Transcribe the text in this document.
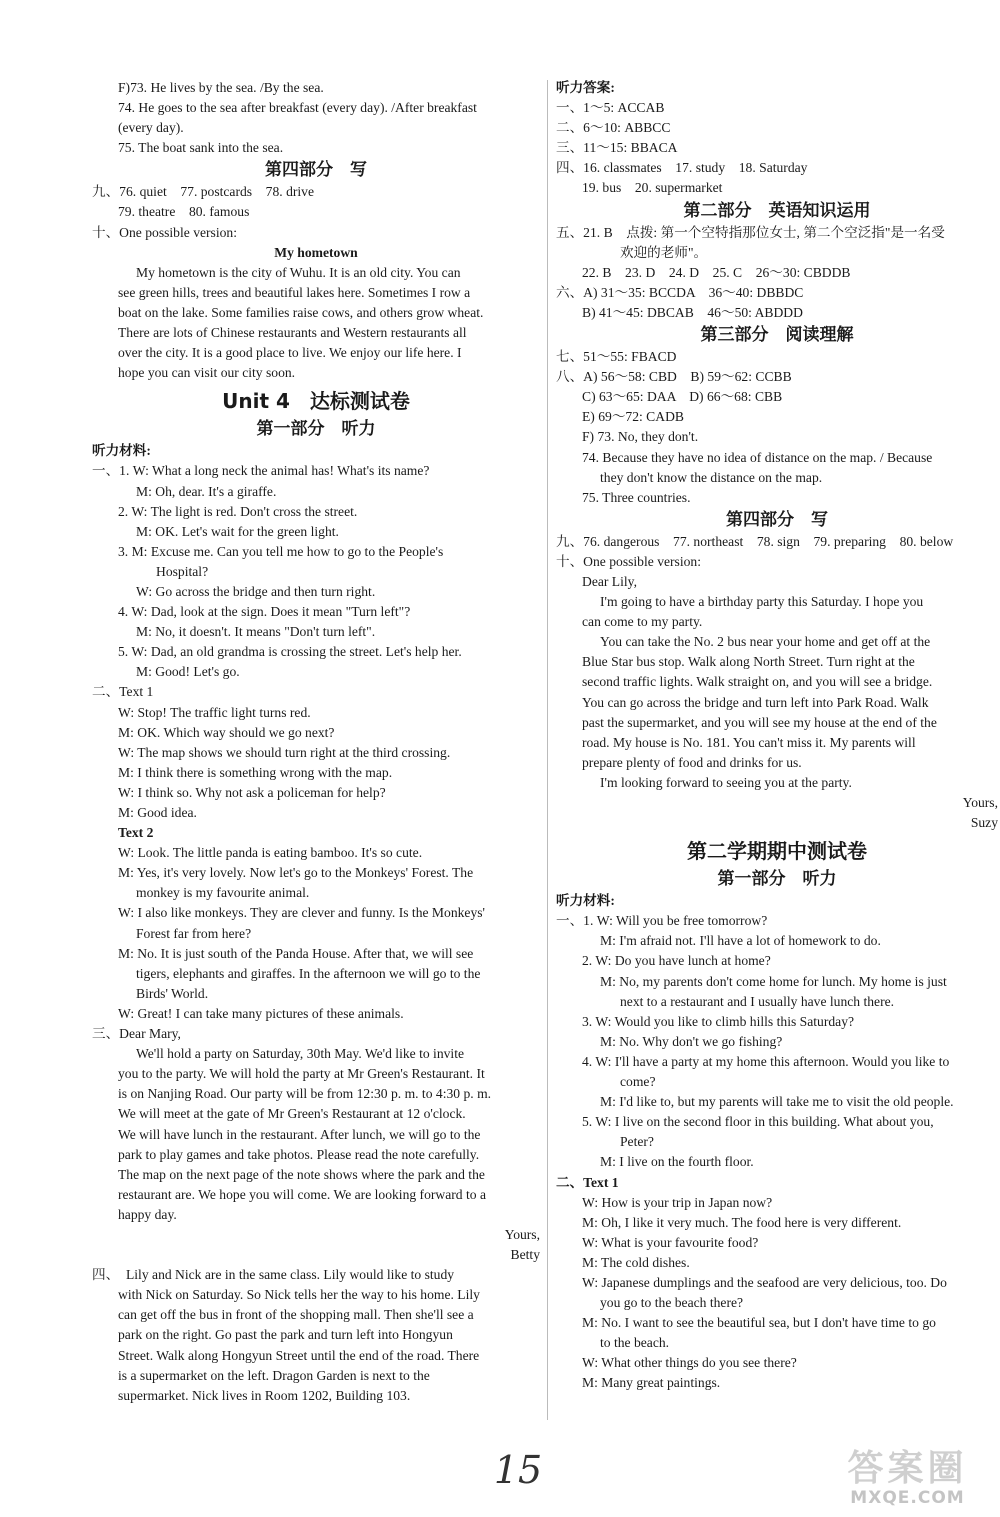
F)73. He lives by the sea. /By the sea.
74. He goes to the sea after breakfast (every day). /After breakfast
(every day).
75. The boat sank into the sea.
第四部分　写
九、76. quiet　77. postcards　78. drive
79. theatre　80. famous
十、One possible version:
My hometown
My hometown is the city of Wuhu. It is an old city. You can
see green hills, trees and beautiful lakes here. Sometimes I row a
boat on the lake. Some families raise cows, and others grow wheat.
There are lots of Chinese restaurants and Western restaurants all
over the city. It is a good place to live. We enjoy our life here. I
hope you can visit our city soon.
Unit 4　达标测试卷
第一部分　听力
听力材料:
一、1. W: What a long neck the animal has! What's its name?
M: Oh, dear. It's a giraffe.
2. W: The light is red. Don't cross the street.
M: OK. Let's wait for the green light.
3. M: Excuse me. Can you tell me how to go to the People's
Hospital?
W: Go across the bridge and then turn right.
4. W: Dad, look at the sign. Does it mean "Turn left"?
M: No, it doesn't. It means "Don't turn left".
5. W: Dad, an old grandma is crossing the street. Let's help her.
M: Good! Let's go.
二、Text 1
W: Stop! The traffic light turns red.
M: OK. Which way should we go next?
W: The map shows we should turn right at the third crossing.
M: I think there is something wrong with the map.
W: I think so. Why not ask a policeman for help?
M: Good idea.
Text 2
W: Look. The little panda is eating bamboo. It's so cute.
M: Yes, it's very lovely. Now let's go to the Monkeys' Forest. The
monkey is my favourite animal.
W: I also like monkeys. They are clever and funny. Is the Monkeys'
Forest far from here?
M: No. It is just south of the Panda House. After that, we will see
tigers, elephants and giraffes. In the afternoon we will go to the
Birds' World.
W: Great! I can take many pictures of these animals.
三、Dear Mary,
We'll hold a party on Saturday, 30th May. We'd like to invite
you to the party. We will hold the party at Mr Green's Restaurant. It
is on Nanjing Road. Our party will be from 12:30 p. m. to 4:30 p. m.
We will meet at the gate of Mr Green's Restaurant at 12 o'clock.
We will have lunch in the restaurant. After lunch, we will go to the
park to play games and take photos. Please read the note carefully.
The map on the next page of the note shows where the park and the
restaurant are. We hope you will come. We are looking forward to a
happy day.
Yours,
Betty
四、　Lily and Nick are in the same class. Lily would like to study
with Nick on Saturday. So Nick tells her the way to his home. Lily
can get off the bus in front of the shopping mall. Then she'll see a
park on the right. Go past the park and turn left into Hongyun
Street. Walk along Hongyun Street until the end of the road. There
is a supermarket on the left. Dragon Garden is next to the
supermarket. Nick lives in Room 1202, Building 103.
听力答案:
一、1～5: ACCAB
二、6～10: ABBCC
三、11～15: BBACA
四、16. classmates　17. study　18. Saturday
19. bus　20. supermarket
第二部分　英语知识运用
五、21. B　点拨: 第一个空特指那位女士, 第二个空泛指"是一名受
欢迎的老师"。
22. B　23. D　24. D　25. C　26～30: CBDDB
六、A) 31～35: BCCDA　36～40: DBBDC
B) 41～45: DBCAB　46～50: ABDDD
第三部分　阅读理解
七、51～55: FBACD
八、A) 56～58: CBD　B) 59～62: CCBB
C) 63～65: DAA　D) 66～68: CBB
E) 69～72: CADB
F) 73. No, they don't.
74. Because they have no idea of distance on the map. / Because
they don't know the distance on the map.
75. Three countries.
第四部分　写
九、76. dangerous　77. northeast　78. sign　79. preparing　80. below
十、One possible version:
Dear Lily,
I'm going to have a birthday party this Saturday. I hope you
can come to my party.
You can take the No. 2 bus near your home and get off at the
Blue Star bus stop. Walk along North Street. Turn right at the
second traffic lights. Walk straight on, and you will see a bridge.
You can go across the bridge and turn left into Park Road. Walk
past the supermarket, and you will see my house at the end of the
road. My house is No. 181. You can't miss it. My parents will
prepare plenty of food and drinks for us.
I'm looking forward to seeing you at the party.
Yours,
Suzy
第二学期期中测试卷
第一部分　听力
听力材料:
一、1. W: Will you be free tomorrow?
M: I'm afraid not. I'll have a lot of homework to do.
2. W: Do you have lunch at home?
M: No, my parents don't come home for lunch. My home is just
next to a restaurant and I usually have lunch there.
3. W: Would you like to climb hills this Saturday?
M: No. Why don't we go fishing?
4. W: I'll have a party at my home this afternoon. Would you like to
come?
M: I'd like to, but my parents will take me to visit the old people.
5. W: I live on the second floor in this building. What about you,
Peter?
M: I live on the fourth floor.
二、Text 1
W: How is your trip in Japan now?
M: Oh, I like it very much. The food here is very different.
W: What is your favourite food?
M: The cold dishes.
W: Japanese dumplings and the seafood are very delicious, too. Do
you go to the beach there?
M: No. I want to see the beautiful sea, but I don't have time to go
to the beach.
W: What other things do you see there?
M: Many great paintings.
15	答案圈
MXQE.COM
